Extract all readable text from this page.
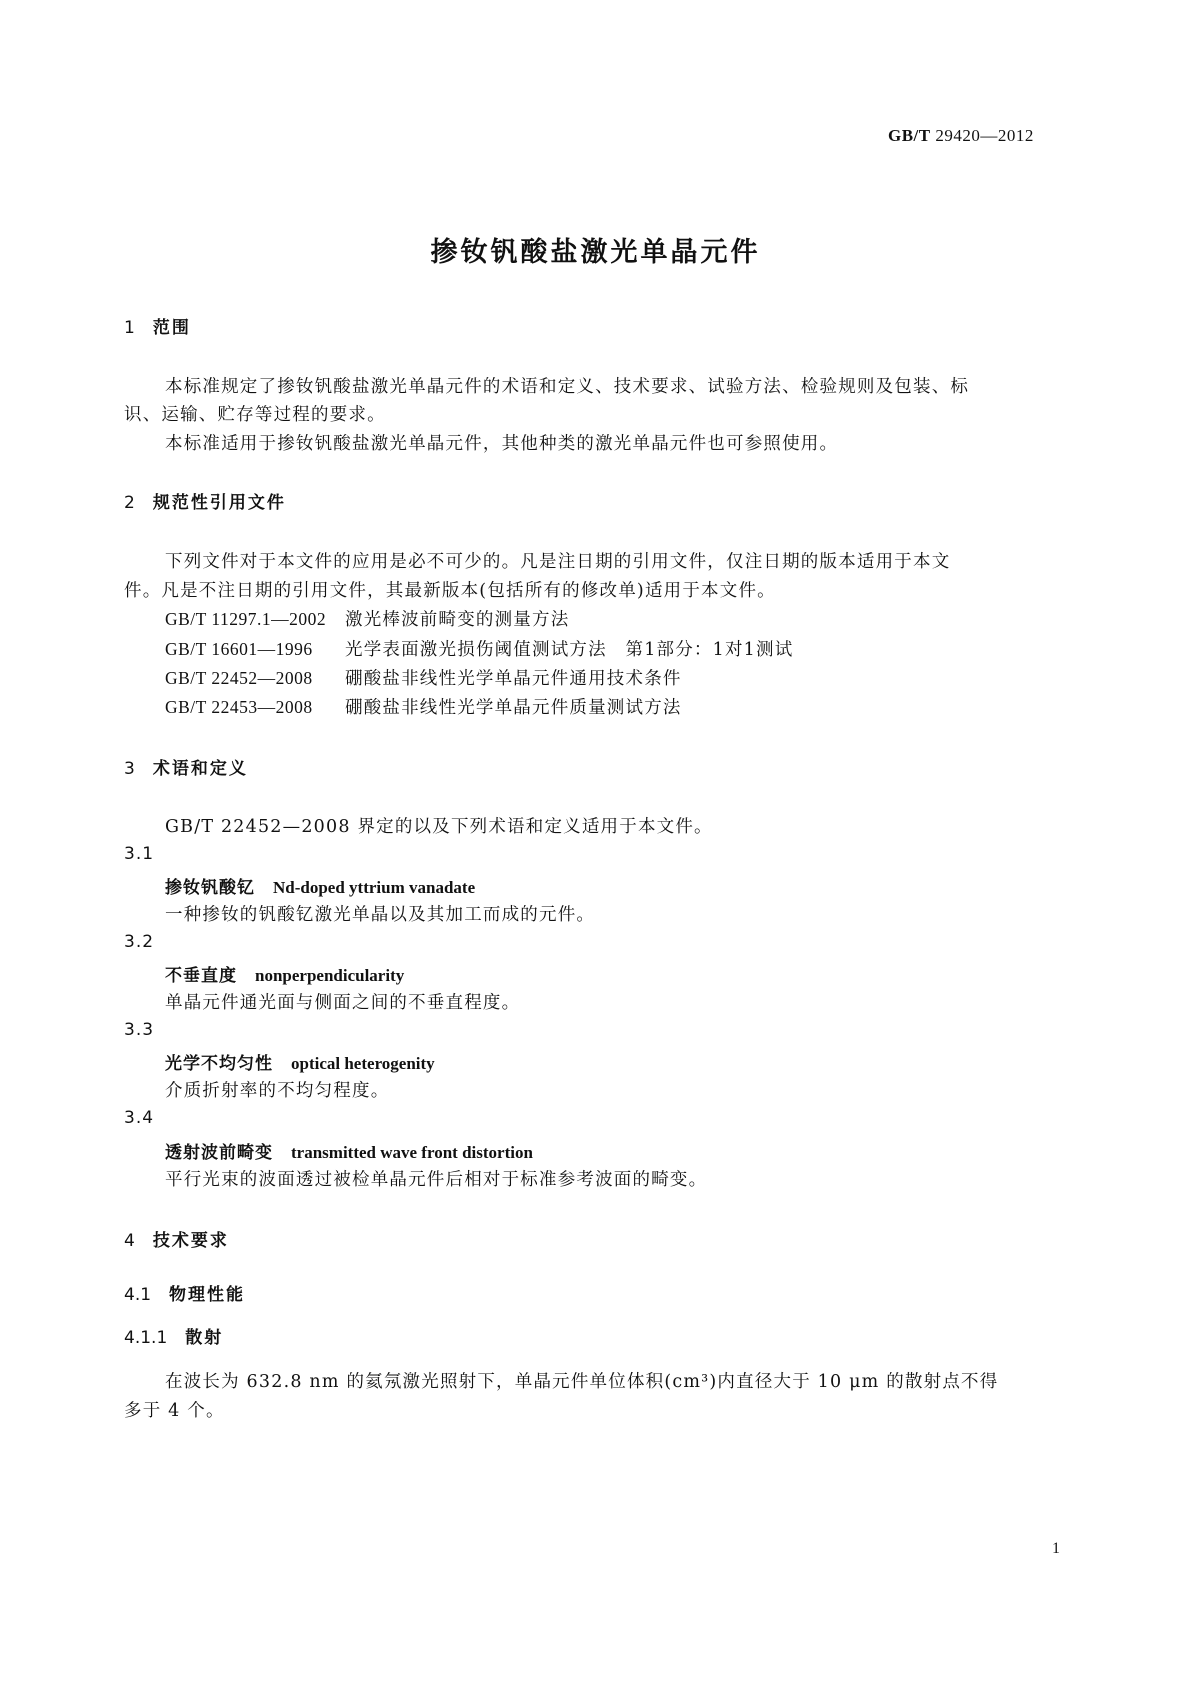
GB/T 29420—2012
掺钕钒酸盐激光单晶元件
1 范围
本标准规定了掺钕钒酸盐激光单晶元件的术语和定义、技术要求、试验方法、检验规则及包装、标
识、运输、贮存等过程的要求。
本标准适用于掺钕钒酸盐激光单晶元件，其他种类的激光单晶元件也可参照使用。
2 规范性引用文件
下列文件对于本文件的应用是必不可少的。凡是注日期的引用文件，仅注日期的版本适用于本文
件。凡是不注日期的引用文件，其最新版本(包括所有的修改单)适用于本文件。
GB/T 11297.1—2002 激光棒波前畸变的测量方法
GB/T 16601—1996 光学表面激光损伤阈值测试方法　第1部分：1对1测试
GB/T 22452—2008 硼酸盐非线性光学单晶元件通用技术条件
GB/T 22453—2008 硼酸盐非线性光学单晶元件质量测试方法
3 术语和定义
GB/T 22452—2008 界定的以及下列术语和定义适用于本文件。
3.1
掺钕钒酸钇 Nd-doped yttrium vanadate
一种掺钕的钒酸钇激光单晶以及其加工而成的元件。
3.2
不垂直度 nonperpendicularity
单晶元件通光面与侧面之间的不垂直程度。
3.3
光学不均匀性 optical heterogenity
介质折射率的不均匀程度。
3.4
透射波前畸变 transmitted wave front distortion
平行光束的波面透过被检单晶元件后相对于标准参考波面的畸变。
4 技术要求
4.1 物理性能
4.1.1 散射
在波长为 632.8 nm 的氦氖激光照射下，单晶元件单位体积(cm³)内直径大于 10 μm 的散射点不得
多于 4 个。
1
